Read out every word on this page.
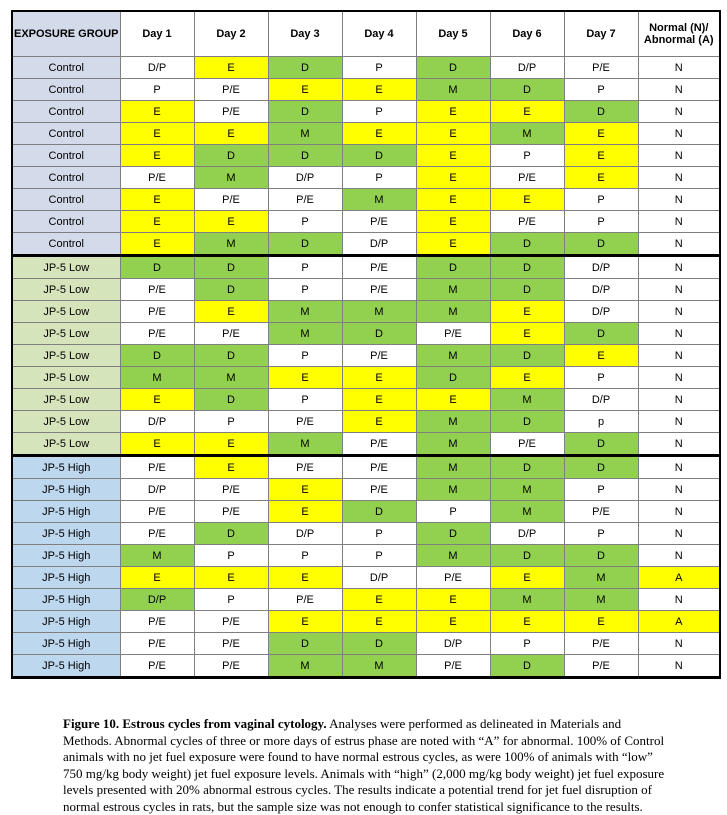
EXPOSURE GROUP	Day 1	Day 2	Day 3	Day 4	Day 5	Day 6	Day 7	Normal (N)/
Abnormal (A)

Control	D/P	E	D	P	D	D/P	P/E	N
Control	P	P/E	E	E	M	D	P	N
Control	E	P/E	D	P	E	E	D	N
Control	E	E	M	E	E	M	E	N
Control	E	D	D	D	E	P	E	N
Control	P/E	M	D/P	P	E	P/E	E	N
Control	E	P/E	P/E	M	E	E	P	N
Control	E	E	P	P/E	E	P/E	P	N
Control	E	M	D	D/P	E	D	D	N
JP-5 Low	D	D	P	P/E	D	D	D/P	N
JP-5 Low	P/E	D	P	P/E	M	D	D/P	N
JP-5 Low	P/E	E	M	M	M	E	D/P	N
JP-5 Low	P/E	P/E	M	D	P/E	E	D	N
JP-5 Low	D	D	P	P/E	M	D	E	N
JP-5 Low	M	M	E	E	D	E	P	N
JP-5 Low	E	D	P	E	E	M	D/P	N
JP-5 Low	D/P	P	P/E	E	M	D	p	N
JP-5 Low	E	E	M	P/E	M	P/E	D	N
JP-5 High	P/E	E	P/E	P/E	M	D	D	N
JP-5 High	D/P	P/E	E	P/E	M	M	P	N
JP-5 High	P/E	P/E	E	D	P	M	P/E	N
JP-5 High	P/E	D	D/P	P	D	D/P	P	N
JP-5 High	M	P	P	P	M	D	D	N
JP-5 High	E	E	E	D/P	P/E	E	M	A
JP-5 High	D/P	P	P/E	E	E	M	M	N
JP-5 High	P/E	P/E	E	E	E	E	E	A
JP-5 High	P/E	P/E	D	D	D/P	P	P/E	N
JP-5 High	P/E	P/E	M	M	P/E	D	P/E	N
Figure 10. Estrous cycles from vaginal cytology. Analyses were performed as delineated in Materials and Methods. Abnormal cycles of three or more days of estrus phase are noted with “A” for abnormal. 100% of Control animals with no jet fuel exposure were found to have normal estrous cycles, as were 100% of animals with “low” 750 mg/kg body weight) jet fuel exposure levels. Animals with “high” (2,000 mg/kg body weight) jet fuel exposure levels presented with 20% abnormal estrous cycles. The results indicate a potential trend for jet fuel disruption of normal estrous cycles in rats, but the sample size was not enough to confer statistical significance to the results.
